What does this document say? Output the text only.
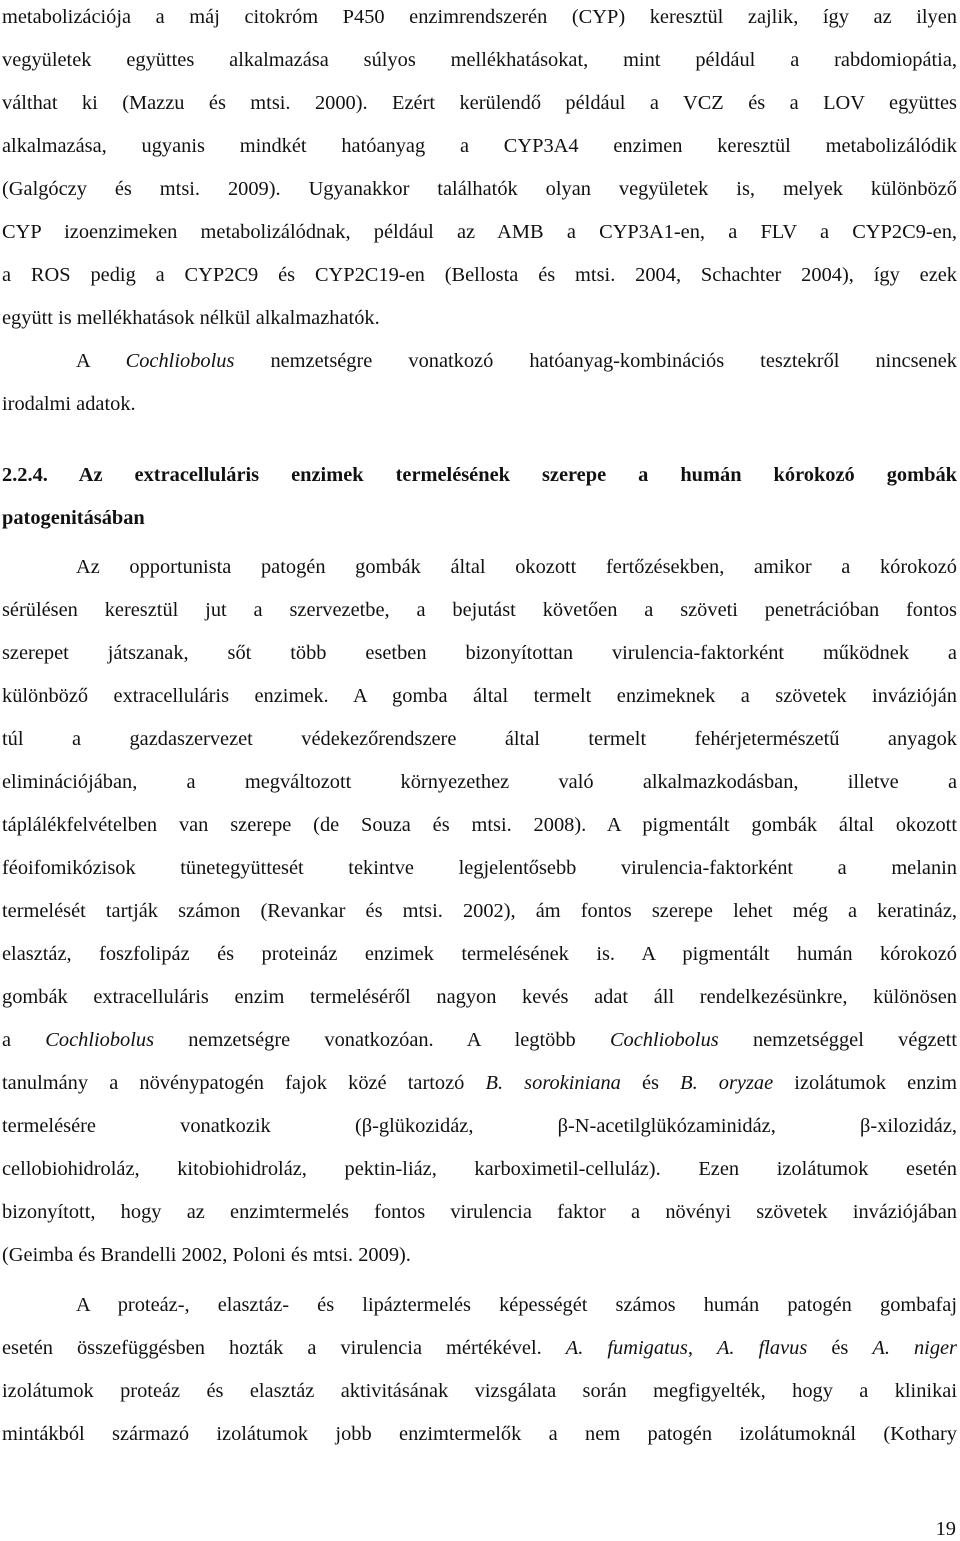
metabolizációja a máj citokróm P450 enzimrendszerén (CYP) keresztül zajlik, így az ilyen
vegyületek együttes alkalmazása súlyos mellékhatásokat, mint például a rabdomiopátia,
válthat ki (Mazzu és mtsi. 2000). Ezért kerülendő például a VCZ és a LOV együttes
alkalmazása, ugyanis mindkét hatóanyag a CYP3A4 enzimen keresztül metabolizálódik
(Galgóczy és mtsi. 2009). Ugyanakkor találhatók olyan vegyületek is, melyek különböző
CYP izoenzimeken metabolizálódnak, például az AMB a CYP3A1-en, a FLV a CYP2C9-en,
a ROS pedig a CYP2C9 és CYP2C19-en (Bellosta és mtsi. 2004, Schachter 2004), így ezek
együtt is mellékhatások nélkül alkalmazhatók.
A Cochliobolus nemzetségre vonatkozó hatóanyag-kombinációs tesztekről nincsenek
irodalmi adatok.
2.2.4. Az extracelluláris enzimek termelésének szerepe a humán kórokozó gombák
patogenitásában
Az opportunista patogén gombák által okozott fertőzésekben, amikor a kórokozó
sérülésen keresztül jut a szervezetbe, a bejutást követően a szöveti penetrációban fontos
szerepet játszanak, sőt több esetben bizonyítottan virulencia-faktorként működnek a
különböző extracelluláris enzimek. A gomba által termelt enzimeknek a szövetek invázióján
túl a gazdaszervezet védekezőrendszere által termelt fehérjetermészetű anyagok
eliminációjában, a megváltozott környezethez való alkalmazkodásban, illetve a
táplálékfelvételben van szerepe (de Souza és mtsi. 2008). A pigmentált gombák által okozott
féoifomikózisok tünetegyüttesét tekintve legjelentősebb virulencia-faktorként a melanin
termelését tartják számon (Revankar és mtsi. 2002), ám fontos szerepe lehet még a keratináz,
elasztáz, foszfolipáz és proteináz enzimek termelésének is. A pigmentált humán kórokozó
gombák extracelluláris enzim termeléséről nagyon kevés adat áll rendelkezésünkre, különösen
a Cochliobolus nemzetségre vonatkozóan. A legtöbb Cochliobolus nemzetséggel végzett
tanulmány a növénypatogén fajok közé tartozó B. sorokiniana és B. oryzae izolátumok enzim
termelésére vonatkozik (β-glükozidáz, β-N-acetilglükózaminidáz, β-xilozidáz,
cellobiohidroláz, kitobiohidroláz, pektin-liáz, karboximetil-celluláz). Ezen izolátumok esetén
bizonyított, hogy az enzimtermelés fontos virulencia faktor a növényi szövetek inváziójában
(Geimba és Brandelli 2002, Poloni és mtsi. 2009).
A proteáz-, elasztáz- és lipáztermelés képességét számos humán patogén gombafaj
esetén összefüggésben hozták a virulencia mértékével. A. fumigatus, A. flavus és A. niger
izolátumok proteáz és elasztáz aktivitásának vizsgálata során megfigyelték, hogy a klinikai
mintákból származó izolátumok jobb enzimtermelők a nem patogén izolátumoknál (Kothary
19
